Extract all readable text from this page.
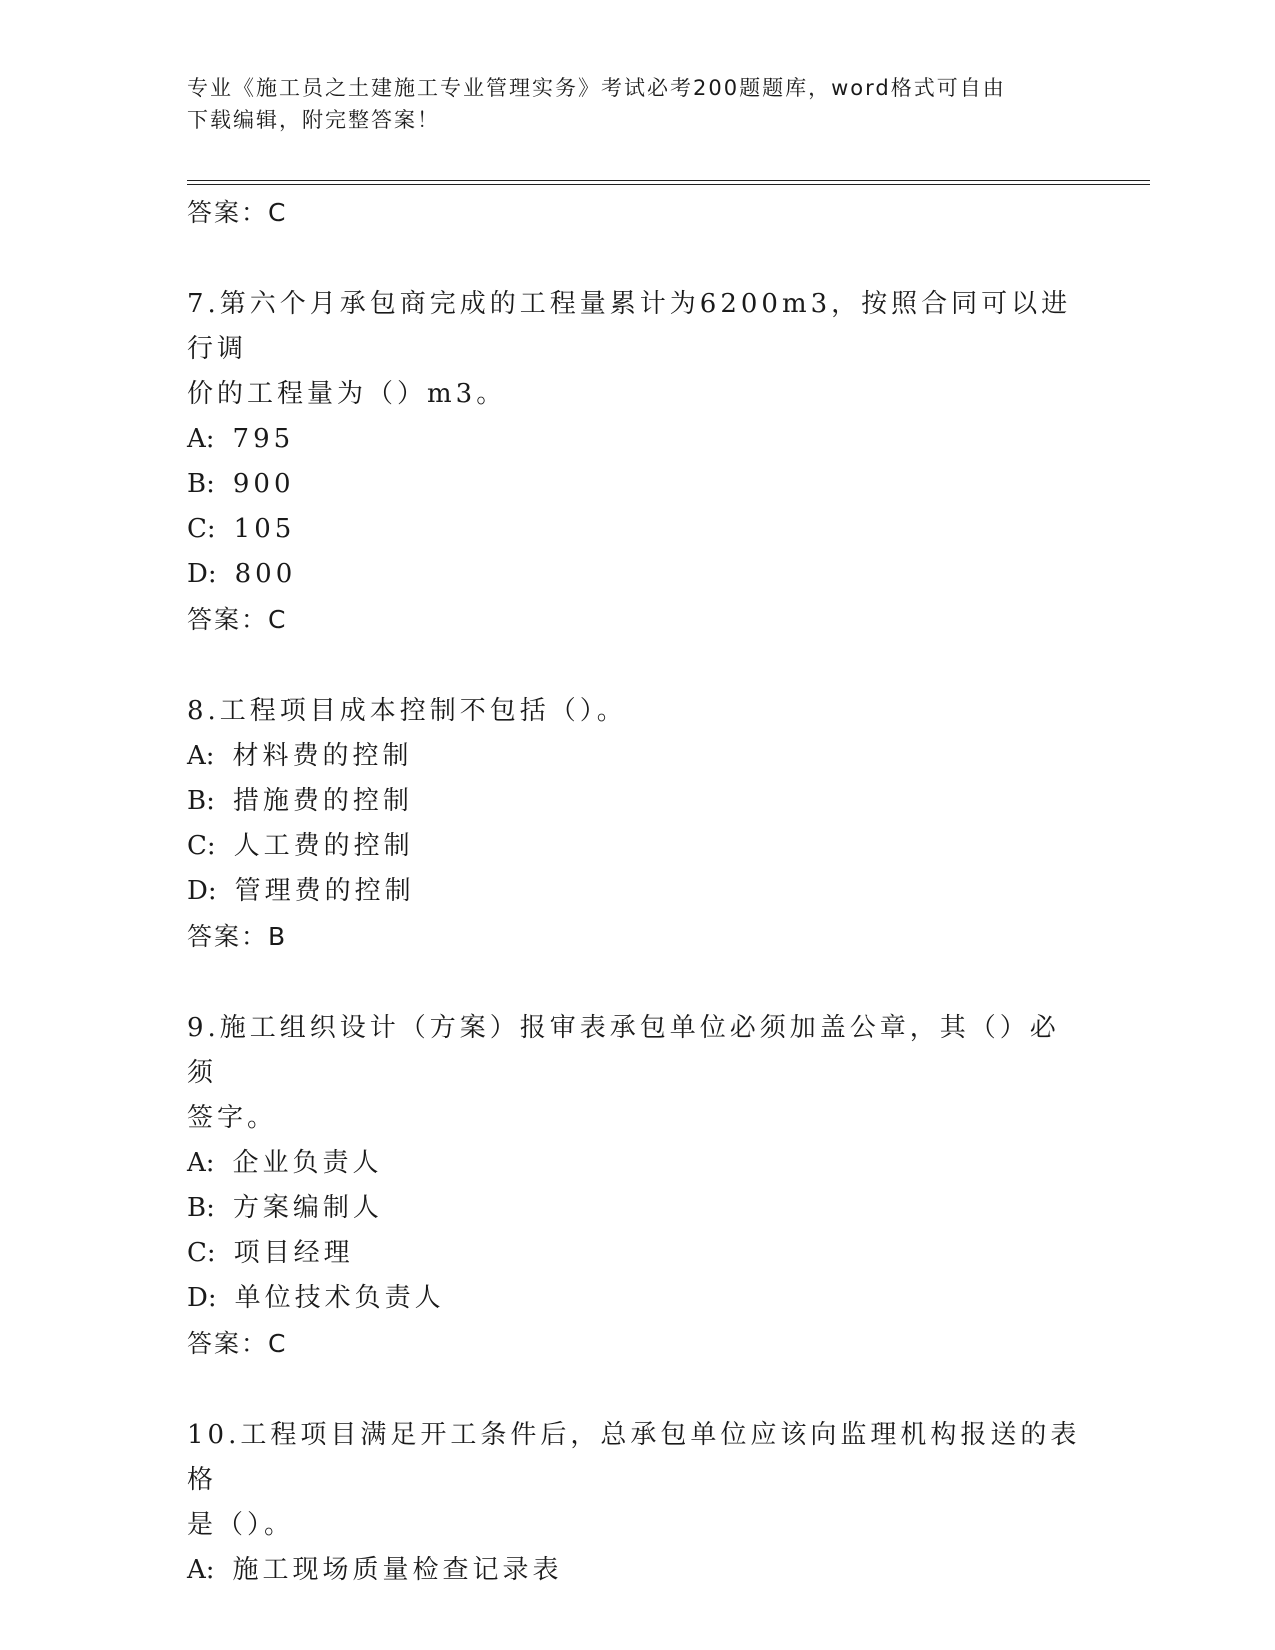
专业《施工员之土建施工专业管理实务》考试必考200题题库，word格式可自由
下载编辑，附完整答案！
答案：C
7.第六个月承包商完成的工程量累计为6200m3，按照合同可以进行调
价的工程量为（）m3。
A: 795
B: 900
C: 105
D: 800
答案：C
8.工程项目成本控制不包括（）。
A: 材料费的控制
B: 措施费的控制
C: 人工费的控制
D: 管理费的控制
答案：B
9.施工组织设计（方案）报审表承包单位必须加盖公章，其（）必须
签字。
A: 企业负责人
B: 方案编制人
C: 项目经理
D: 单位技术负责人
答案：C
10.工程项目满足开工条件后，总承包单位应该向监理机构报送的表格
是（）。
A: 施工现场质量检查记录表
